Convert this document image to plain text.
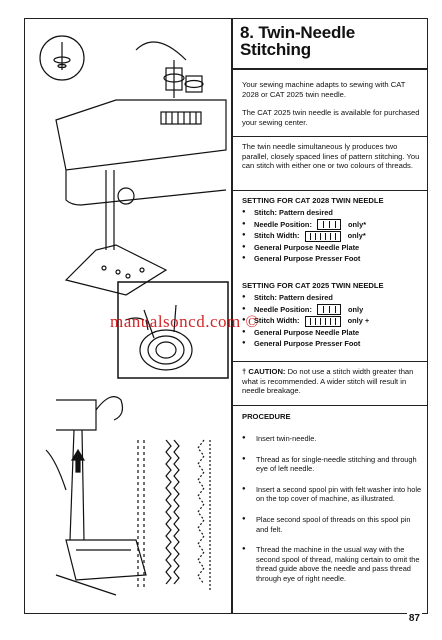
8. Twin-Needle
Stitching

Your sewing machine adapts to sewing with CAT 2028 or CAT 2025 twin needle.

The CAT 2025 twin needle is available for purchased your sewing center.

The twin needle simultaneous ly produces two parallel, closely spaced lines of pattern stitching. You can stitch with either one or two colours of threads.

SETTING FOR CAT 2028 TWIN NEEDLE
● Stitch: Pattern desired
● Needle Position:	only*
● Stitch Width:	only*
● General Purpose Needle Plate
● General Purpose Presser Foot
SETTING FOR CAT 2025 TWIN NEEDLE
● Stitch: Pattern desired
● Needle Position:	only
● Stitch Width:	only +
● General Purpose Needle Plate
● General Purpose Presser Foot

† CAUTION: Do not use a stitch width greater than what is recommended. A wider stitch will result in needle breakage.

PROCEDURE

● Insert twin-needle.
● Thread as for single-needle stitching and through eye of left needle.
● Insert a second spool pin with felt washer into hole on the top cover of machine, as illustrated.
● Place second spool of threads on this spool pin and felt.
● Thread the machine in the usual way with the second spool of thread, making certain to omit the thread guide above the needle and pass thread through eye of right needle.
87
manualsoncd.com ©
